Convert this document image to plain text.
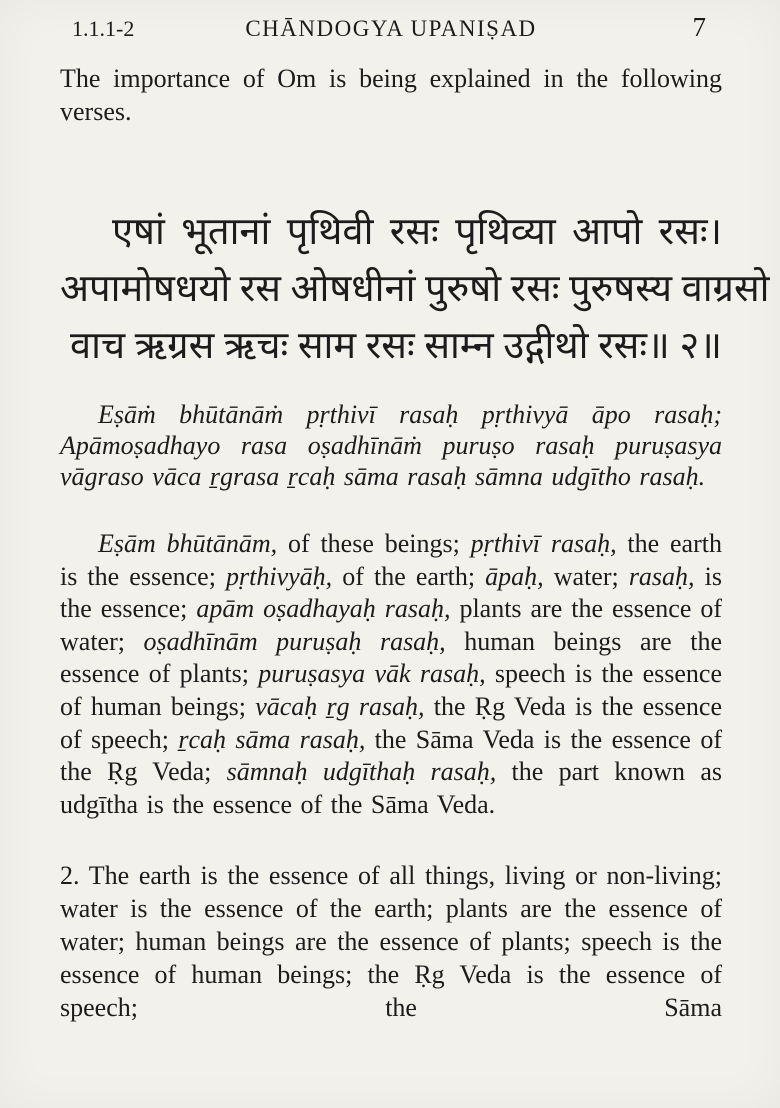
1.1.1-2	CHĀNDOGYA UPANIṢAD	7

The importance of Om is being explained in the following verses.

एषां भूतानां पृथिवी रसः पृथिव्या आपो रसः।
अपामोषधयो रस ओषधीनां पुरुषो रसः पुरुषस्य वाग्रसो
वाच ऋग्रस ऋचः साम रसः साम्न उद्गीथो रसः॥ २॥

Eṣāṁ bhūtānāṁ pṛthivī rasaḥ pṛthivyā āpo rasaḥ; Apāmoṣadhayo rasa oṣadhīnāṁ puruṣo rasaḥ puruṣasya vāgraso vāca ṟgrasa ṟcaḥ sāma rasaḥ sāmna udgītho rasaḥ.

Eṣām bhūtānām, of these beings; pṛthivī rasaḥ, the earth is the essence; pṛthivyāḥ, of the earth; āpaḥ, water; rasaḥ, is the essence; apām oṣadhayaḥ rasaḥ, plants are the essence of water; oṣadhīnām puruṣaḥ rasaḥ, human beings are the essence of plants; puruṣasya vāk rasaḥ, speech is the essence of human beings; vācaḥ ṟg rasaḥ, the Ṛg Veda is the essence of speech; ṟcaḥ sāma rasaḥ, the Sāma Veda is the essence of the Ṛg Veda; sāmnaḥ udgīthaḥ rasaḥ, the part known as udgītha is the essence of the Sāma Veda.

2. The earth is the essence of all things, living or non-living; water is the essence of the earth; plants are the essence of water; human beings are the essence of plants; speech is the essence of human beings; the Ṛg Veda is the essence of speech; the Sāma
